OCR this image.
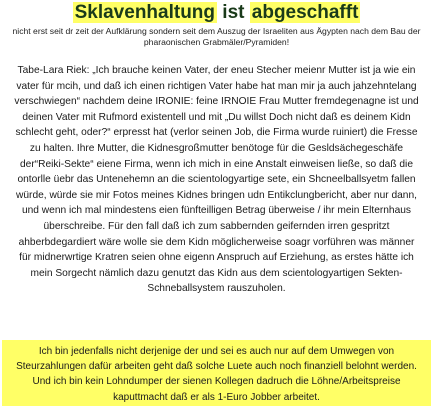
Sklavenhaltung ist abgeschafft
nicht erst seit dr zeit der Aufklärung sondern seit dem Auszug der Israeliten aus Ägypten nach dem Bau der pharaonischen Grabmäler/Pyramiden!

Tabe-Lara Riek: „Ich brauche keinen Vater, der eneu Stecher meienr Mutter ist ja wie ein vater für mcih, und daß ich einen richtigen Vater habe hat man mir ja auch jahzehntelang verschwiegen“ nachdem deine IRONIE: feine IRNOIE Frau Mutter fremdegenagne ist und deinen Vater mit Rufmord existentell und mit „Du willst Doch nicht daß es deinem Kidn schlecht geht, oder?“ erpresst hat (verlor seinen Job, die Firma wurde ruiniert) die Fresse zu halten. Ihre Mutter, die Kidnesgroßmutter benötoge für die Gesldsächegeschäfe der“Reiki-Sekte“ eiene Firma, wenn ich mich in eine Anstalt einweisen ließe, so daß die ontorlle üebr das Untenehemn an die scientologyartige sete, ein Shcneelballsyetm fallen würde, würde sie mir Fotos meines Kidnes bringen udn Entikclungbericht, aber nur dann, und wenn ich mal mindestens eien fünfteilligen Betrag überweise / ihr mein Elternhaus überschreibe. Für den fall daß ich zum sabbernden geifernden irren gespritzt ahberbdegardiert wäre wolle sie dem Kidn möglicherweise soagr vorführen was männer für midnerwrtige Kratren seien ohne eigenn Anspruch auf Erziehung, as erstes hätte ich mein Sorgecht nämlich dazu genutzt das Kidn aus dem scientologyartigen Sekten-Schneballsystem rauszuholen.

Ich bin jedenfalls nicht derjenige der und sei es auch nur auf dem Umwegen von Steurzahlungen dafür arbeiten geht daß solche Luete auch noch finanziell belohnt werden. Und ich bin kein Lohndumper der sienen Kollegen dadruch die Löhne/Arbeitspreise kaputtmacht daß er als 1-Euro Jobber arbeitet.
